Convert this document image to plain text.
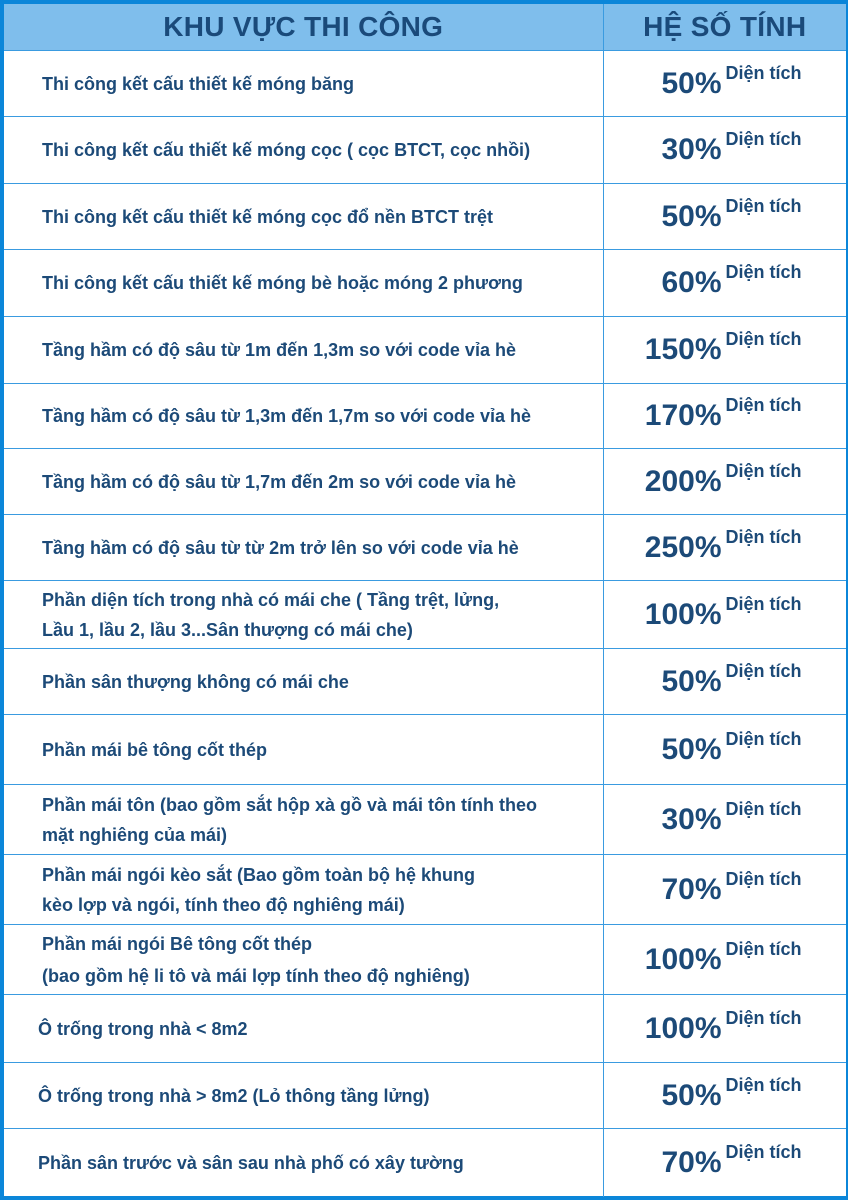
KHU VỰC THI CÔNG	HỆ SỐ TÍNH
Thi công kết cấu thiết kế móng băng	50% Diện tích
Thi công kết cấu thiết kế móng cọc ( cọc BTCT, cọc nhồi)	30% Diện tích
Thi công kết cấu thiết kế móng cọc đổ nền BTCT trệt	50% Diện tích
Thi công kết cấu thiết kế móng bè hoặc móng 2 phương	60% Diện tích
Tầng hầm có độ sâu từ 1m đến 1,3m so với code vỉa hè	150% Diện tích
Tầng hầm có độ sâu từ 1,3m đến 1,7m so với code vỉa hè	170% Diện tích
Tầng hầm có độ sâu từ 1,7m đến 2m so với code vỉa hè	200% Diện tích
Tầng hầm có độ sâu từ từ 2m trở lên so với code vỉa hè	250% Diện tích

Phần diện tích trong nhà có mái che ( Tầng trệt, lửng,
Lầu 1, lầu 2, lầu 3...Sân thượng có mái che)	100% Diện tích
Phần sân thượng không có mái che	50% Diện tích
Phần mái bê tông cốt thép	50% Diện tích

Phần mái tôn (bao gồm sắt hộp xà gồ và mái tôn tính theo
mặt nghiêng của mái)	30% Diện tích

Phần mái ngói kèo sắt (Bao gồm toàn bộ hệ khung
kèo lợp và ngói, tính theo độ nghiêng mái)	70% Diện tích

Phần mái ngói Bê tông cốt thép
(bao gồm hệ li tô và mái lợp tính theo độ nghiêng)	100% Diện tích
Ô trống trong nhà < 8m2	100% Diện tích
Ô trống trong nhà > 8m2 (Lỏ thông tầng lửng)	50% Diện tích
Phần sân trước và sân sau nhà phố có xây tường	70% Diện tích
